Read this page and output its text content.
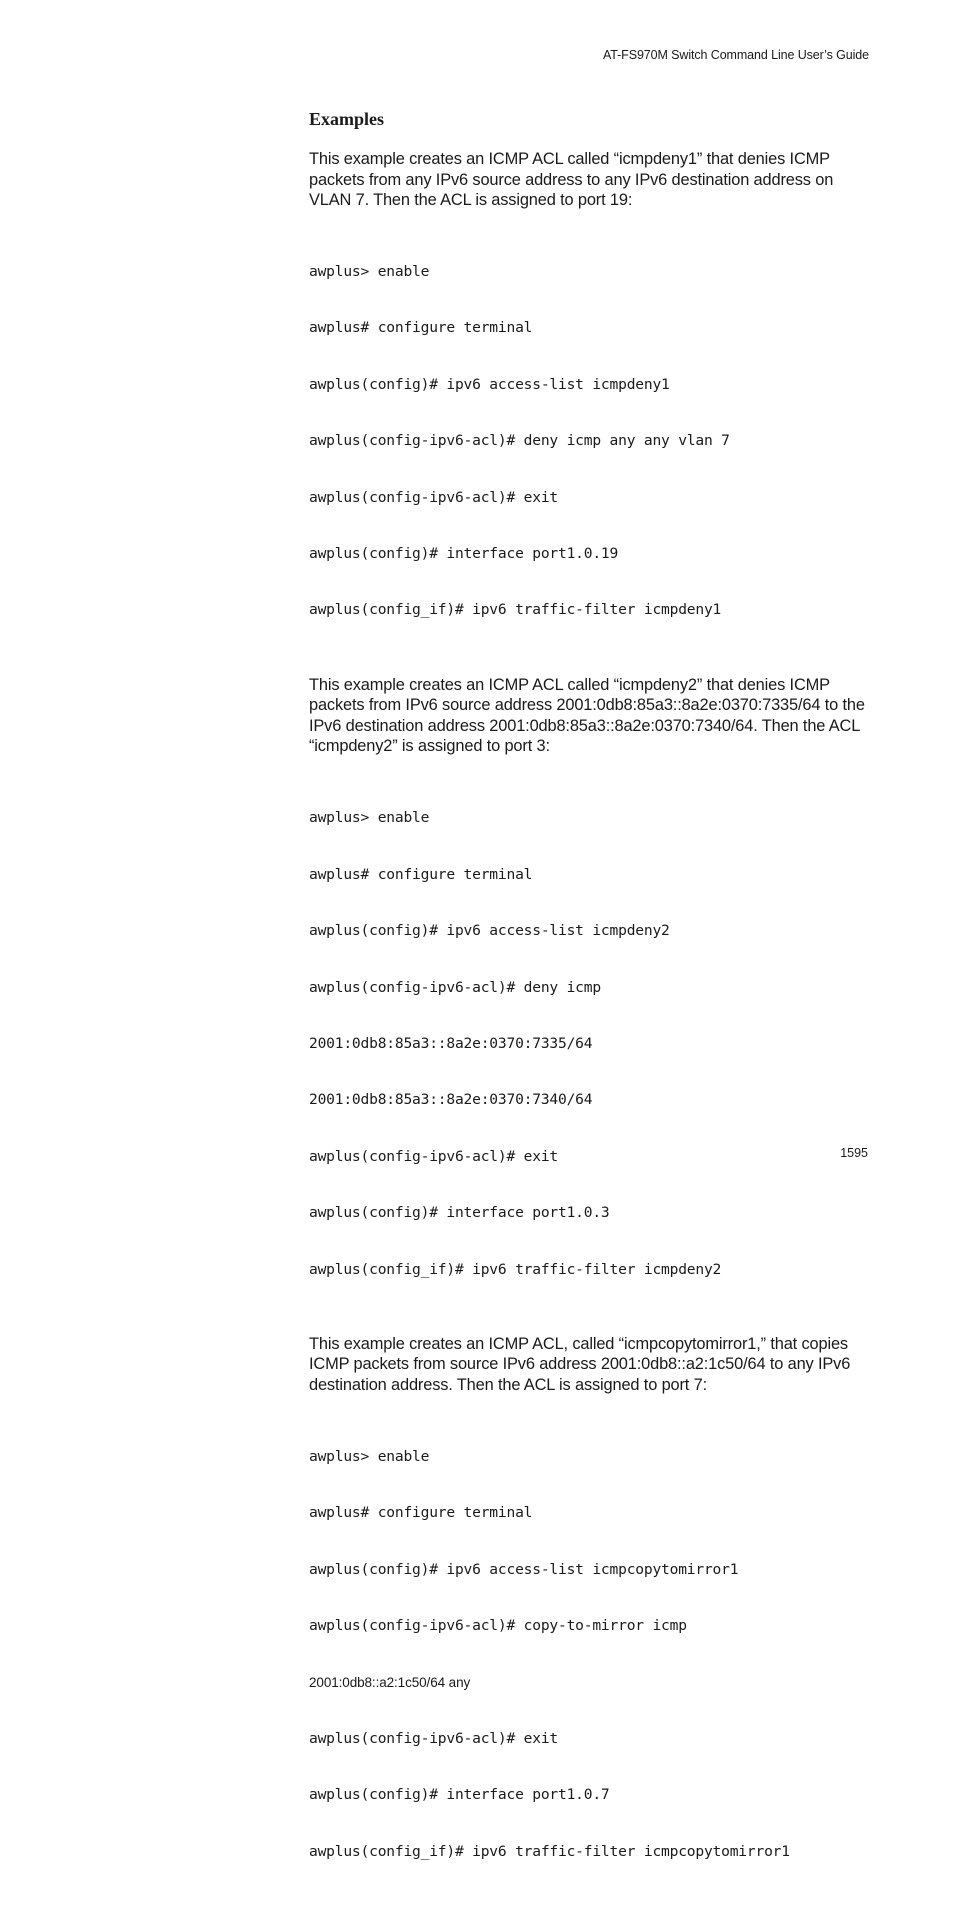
AT-FS970M Switch Command Line User’s Guide
Examples
This example creates an ICMP ACL called “icmpdeny1” that denies ICMP packets from any IPv6 source address to any IPv6 destination address on VLAN 7. Then the ACL is assigned to port 19:

awplus> enable

awplus# configure terminal

awplus(config)# ipv6 access-list icmpdeny1

awplus(config-ipv6-acl)# deny icmp any any vlan 7

awplus(config-ipv6-acl)# exit

awplus(config)# interface port1.0.19

awplus(config_if)# ipv6 traffic-filter icmpdeny1

This example creates an ICMP ACL called “icmpdeny2” that denies ICMP packets from IPv6 source address 2001:0db8:85a3::8a2e:0370:7335/64 to the IPv6 destination address 2001:0db8:85a3::8a2e:0370:7340/64. Then the ACL “icmpdeny2” is assigned to port 3:

awplus> enable

awplus# configure terminal

awplus(config)# ipv6 access-list icmpdeny2

awplus(config-ipv6-acl)# deny icmp

2001:0db8:85a3::8a2e:0370:7335/64

2001:0db8:85a3::8a2e:0370:7340/64

awplus(config-ipv6-acl)# exit

awplus(config)# interface port1.0.3

awplus(config_if)# ipv6 traffic-filter icmpdeny2

This example creates an ICMP ACL, called “icmpcopytomirror1,” that copies ICMP packets from source IPv6 address 2001:0db8::a2:1c50/64 to any IPv6 destination address. Then the ACL is assigned to port 7:

awplus> enable

awplus# configure terminal

awplus(config)# ipv6 access-list icmpcopytomirror1

awplus(config-ipv6-acl)# copy-to-mirror icmp

2001:0db8::a2:1c50/64 any

awplus(config-ipv6-acl)# exit

awplus(config)# interface port1.0.7

awplus(config_if)# ipv6 traffic-filter icmpcopytomirror1

1595
